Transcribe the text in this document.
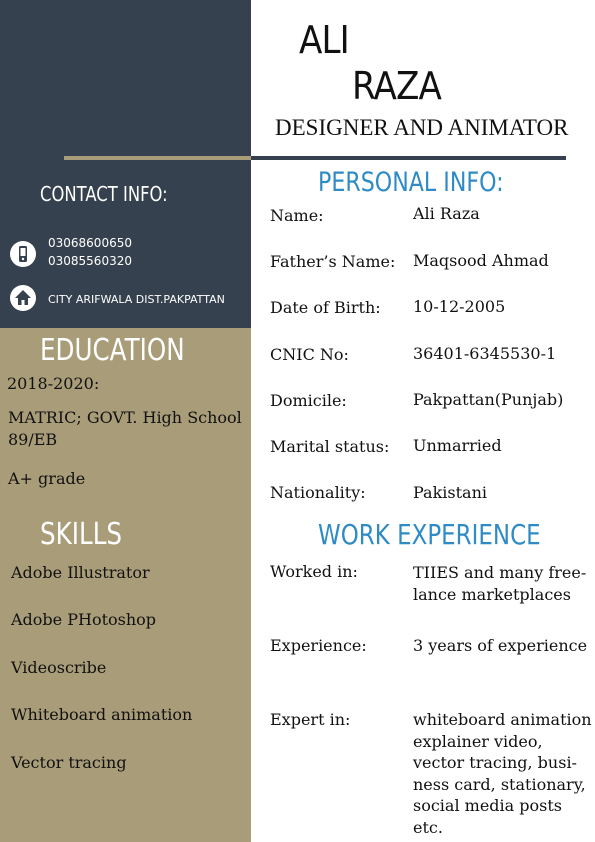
ALI
RAZA
DESIGNER AND ANIMATOR
CONTACT INFO:
03068600650
03085560320
CITY ARIFWALA DIST.PAKPATTAN
EDUCATION
2018-2020:
MATRIC; GOVT. High School
89/EB
A+ grade
SKILLS
Adobe Illustrator
Adobe PHotoshop
Videoscribe
Whiteboard animation
Vector tracing
PERSONAL INFO:
Name:	Ali Raza
Father’s Name: Maqsood Ahmad
Date of Birth: 10-12-2005
CNIC No:	36401-6345530-1
Domicile:	Pakpattan(Punjab)
Marital status: Unmarried
Nationality:	Pakistani
WORK EXPERIENCE
Worked in:	TIIES and many free-
lance marketplaces
Experience:	3 years of experience
Expert in:	whiteboard animation
explainer video,
vector tracing, busi-
ness card, stationary,
social media posts
etc.
